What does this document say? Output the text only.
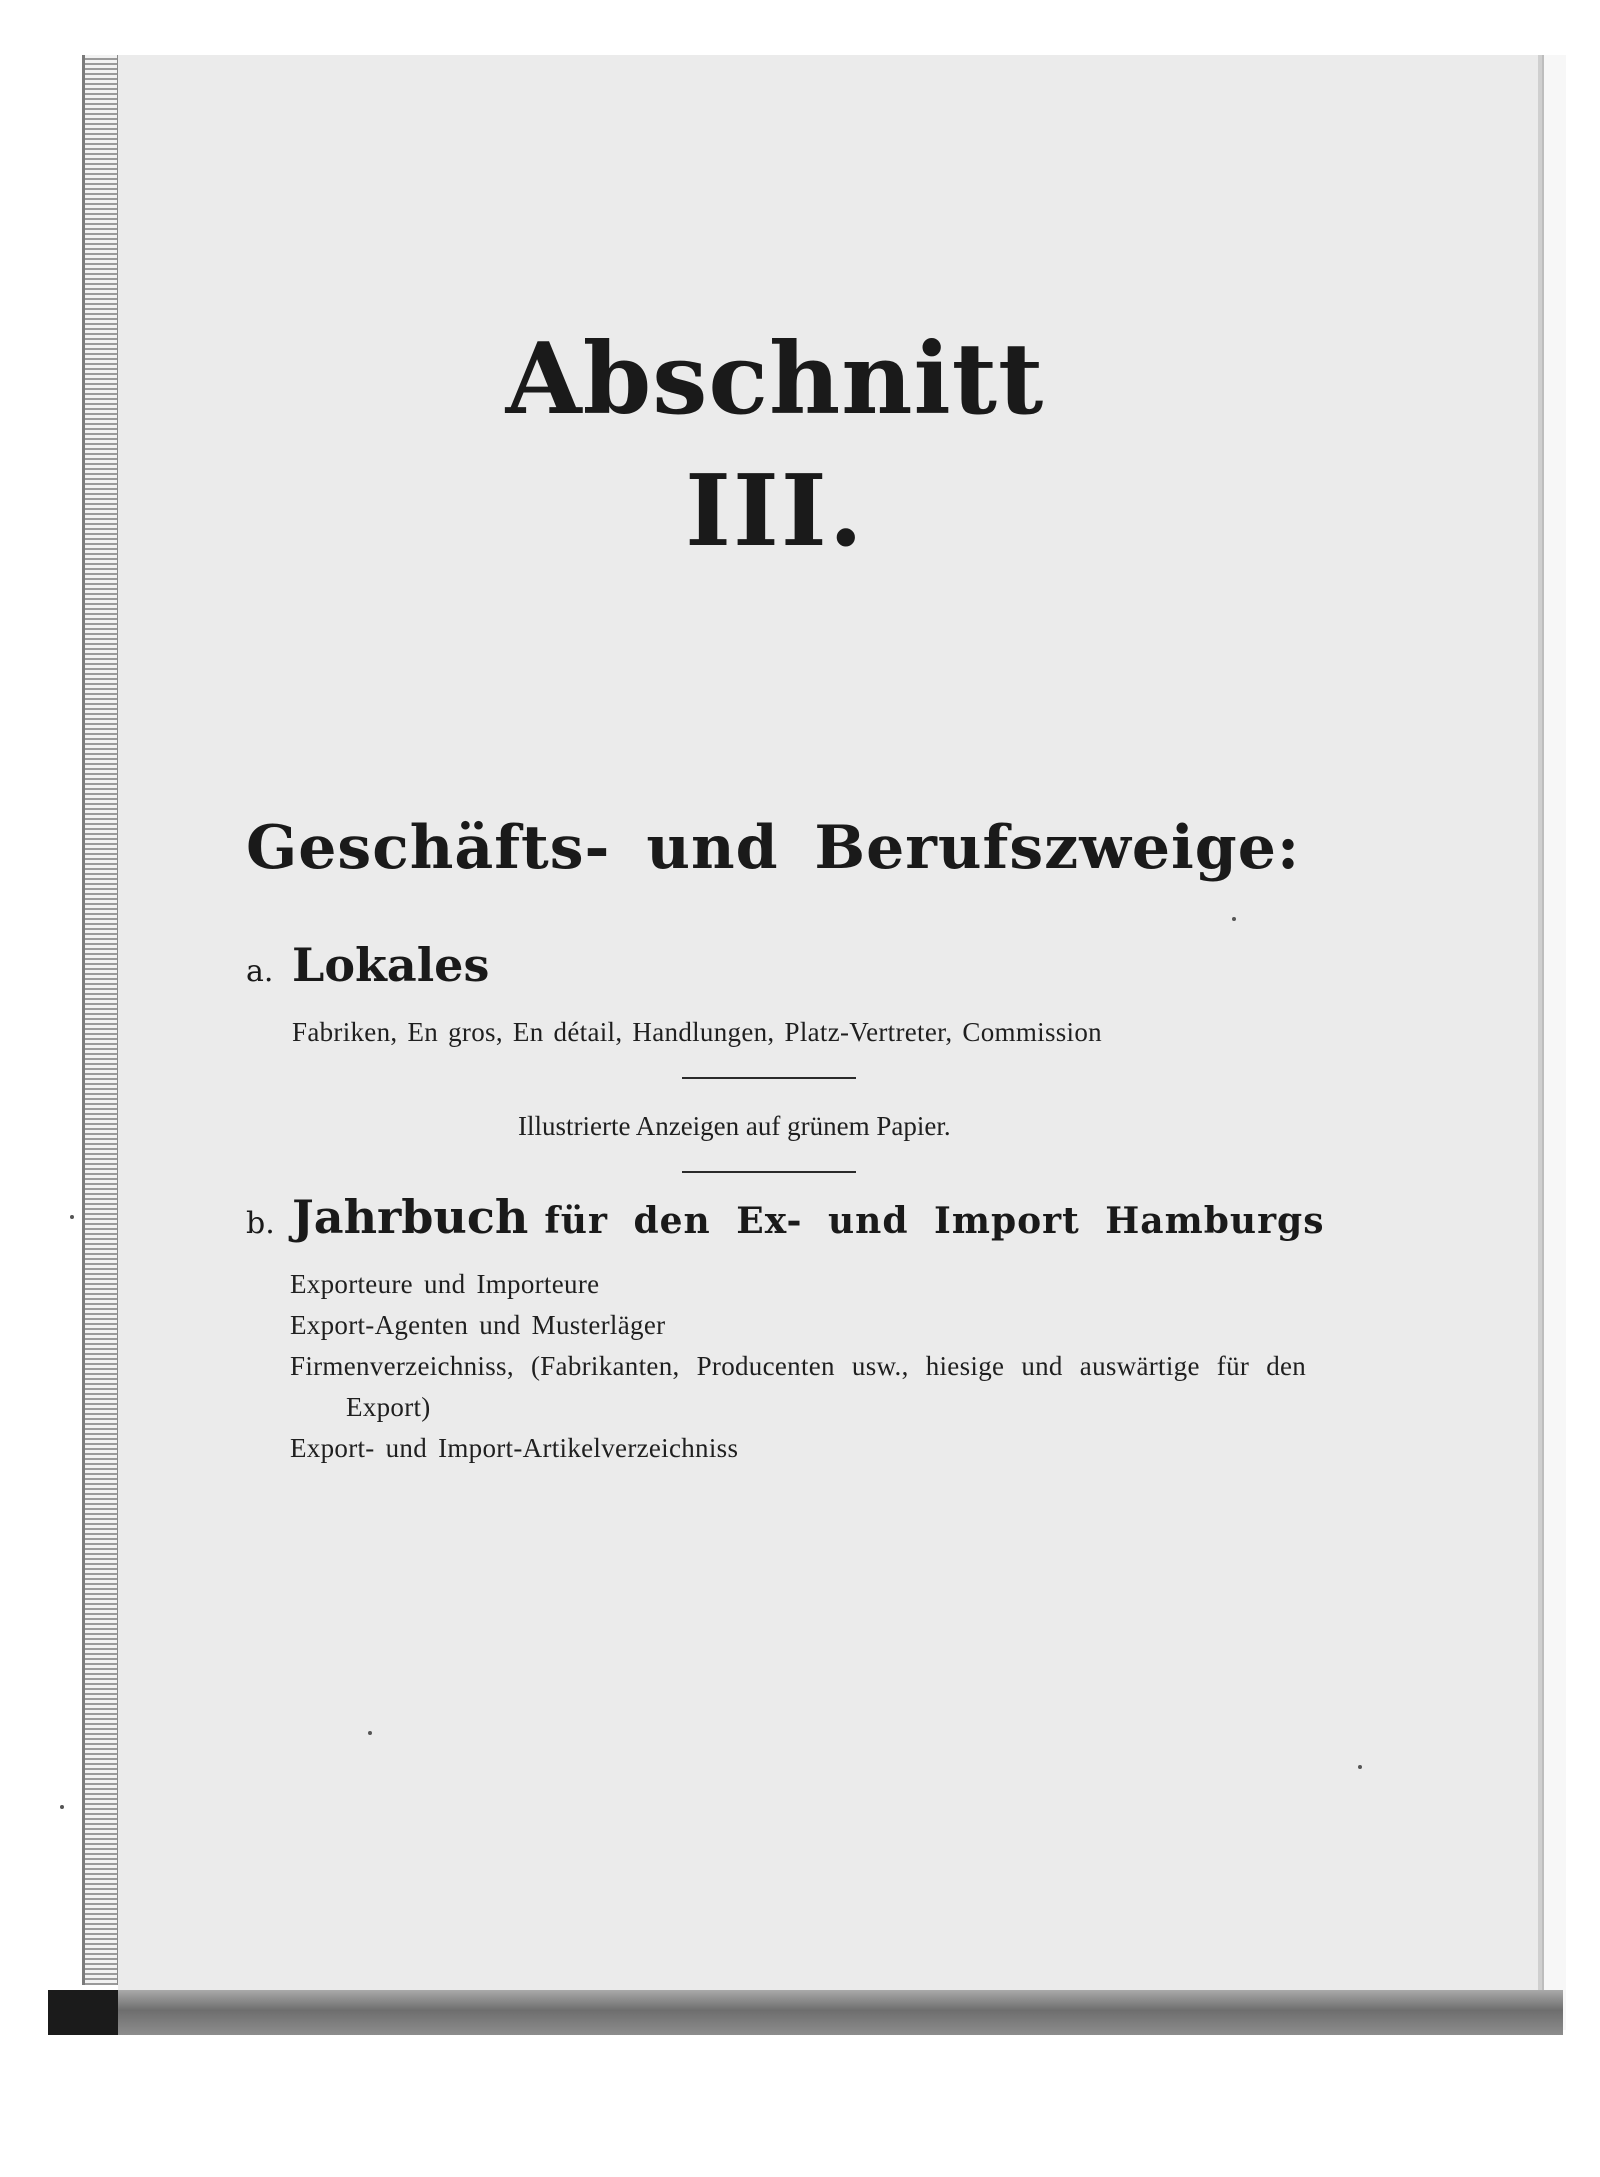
Abschnitt
III.
Geschäfts- und Berufszweige:
a. Lokales
Fabriken, En gros, En détail, Handlungen, Platz-Vertreter, Commission
Illustrierte Anzeigen auf grünem Papier.
b. Jahrbuch für den Ex- und Import Hamburgs
Exporteure und Importeure
Export-Agenten und Musterläger
Firmenverzeichniss, (Fabrikanten, Producenten usw., hiesige und auswärtige für den
Export)
Export- und Import-Artikelverzeichniss
